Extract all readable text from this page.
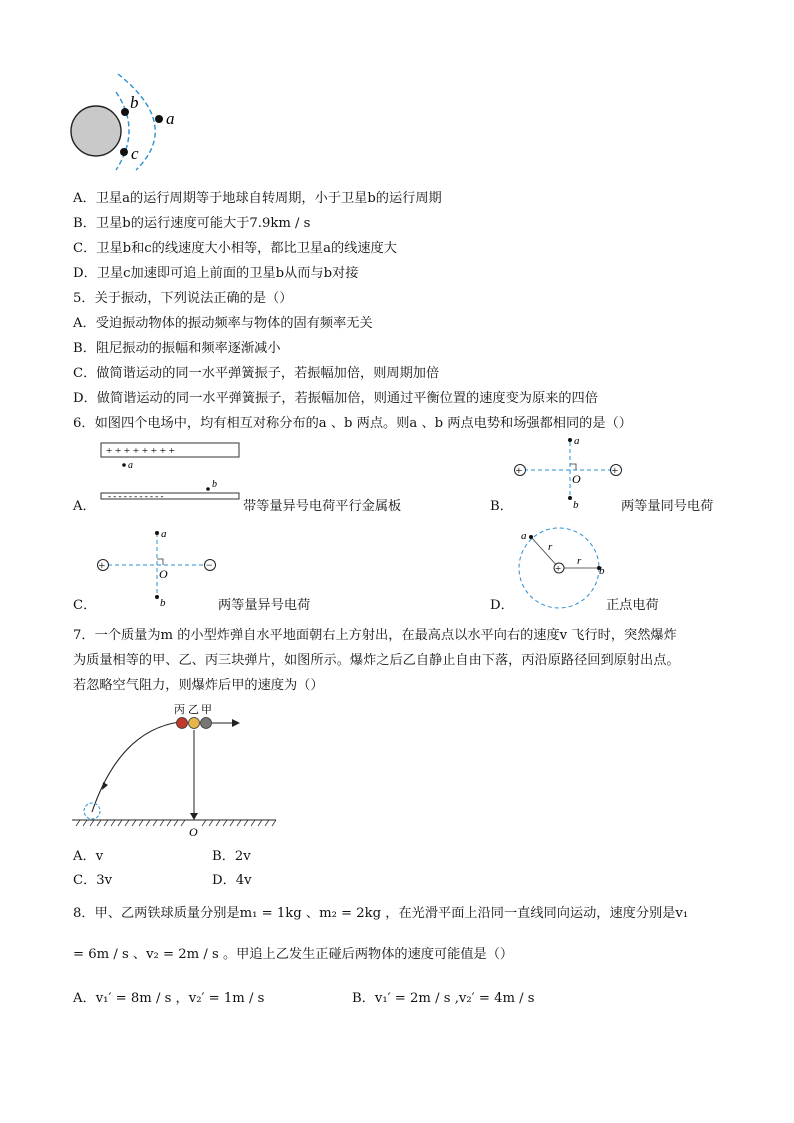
b
c
a
A．卫星a的运行周期等于地球自转周期，小于卫星b的运行周期
B．卫星b的运行速度可能大于7.9km / s
C．卫星b和c的线速度大小相等，都比卫星a的线速度大
D．卫星c加速即可追上前面的卫星b从而与b对接
5．关于振动，下列说法正确的是（）
A．受迫振动物体的振动频率与物体的固有频率无关
B．阻尼振动的振幅和频率逐渐减小
C．做简谐运动的同一水平弹簧振子，若振幅加倍，则周期加倍
D．做简谐运动的同一水平弹簧振子，若振幅加倍，则通过平衡位置的速度变为原来的四倍
6．如图四个电场中，均有相互对称分布的a 、b 两点。则a 、b 两点电势和场强都相同的是（）
+ + + + + + + +
a
b
- - - - - - - - - - -
A．	带等量异号电荷平行金属板
+	+
a
b
O
B．	两等量同号电荷
+	−
a
b
O
C．	两等量异号电荷
+
a
b
r
r
D．	正点电荷
7．一个质量为m 的小型炸弹自水平地面朝右上方射出，在最高点以水平向右的速度v 飞行时，突然爆炸
为质量相等的甲、乙、丙三块弹片，如图所示。爆炸之后乙自静止自由下落，丙沿原路径回到原射出点。
若忽略空气阻力，则爆炸后甲的速度为（）
丙 乙 甲
O
A．v	B．2v
C．3v	D．4v
8．甲、乙两铁球质量分别是m₁ = 1kg 、m₂ = 2kg ，在光滑平面上沿同一直线同向运动，速度分别是v₁
= 6m / s 、v₂ = 2m / s 。甲追上乙发生正碰后两物体的速度可能值是（）
A．v₁′ = 8m / s ，v₂′ = 1m / s	B．v₁′ = 2m / s ,v₂′ = 4m / s
